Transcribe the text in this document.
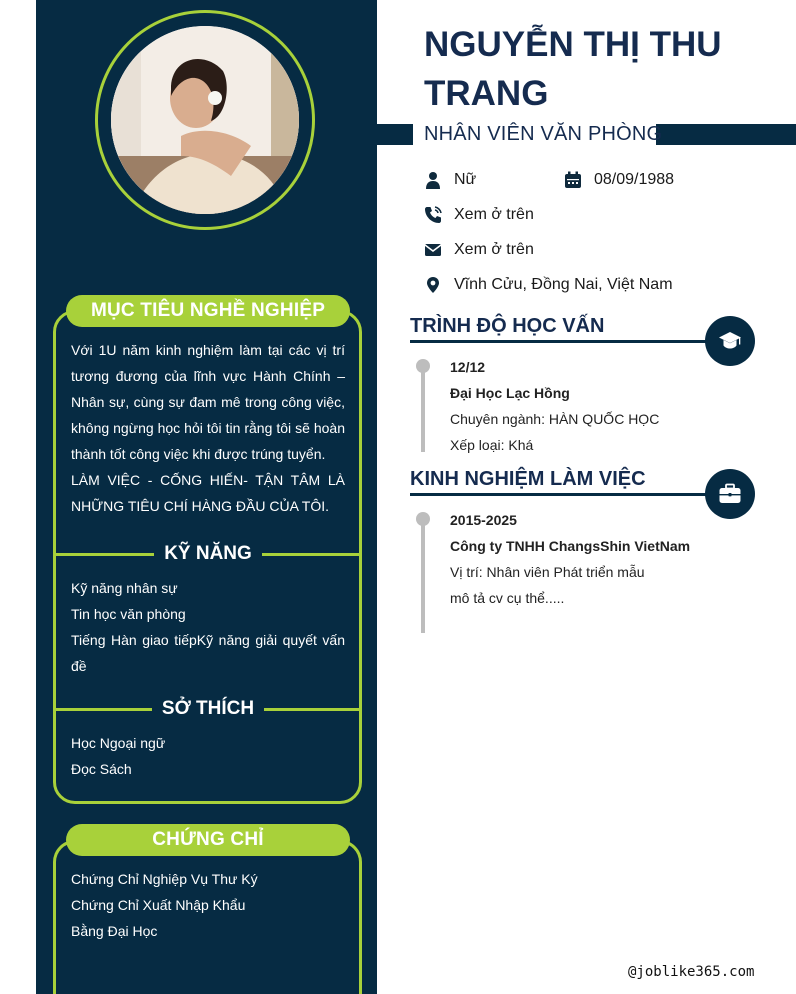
MỤC TIÊU NGHỀ NGHIỆP

Với 1U năm kinh nghiệm làm tại các vị trí tương đương của lĩnh vực Hành Chính – Nhân sự, cùng sự đam mê trong công việc, không ngừng học hỏi tôi tin rằng tôi sẽ hoàn thành tốt công việc khi được trúng tuyển.

LÀM VIỆC - CỐNG HIẾN- TẬN TÂM LÀ NHỮNG TIÊU CHÍ HÀNG ĐẦU CỦA TÔI.

KỸ NĂNG
Kỹ năng nhân sự
Tin học văn phòng
Tiếng Hàn giao tiếpKỹ năng giải quyết vấn đề
SỞ THÍCH
Học Ngoại ngữ
Đọc Sách
CHỨNG CHỈ
Chứng Chỉ Nghiệp Vụ Thư Ký
Chứng Chỉ Xuất Nhập Khẩu
Bằng Đại Học
NGUYỄN THỊ THU TRANG
NHÂN VIÊN VĂN PHÒNG
Nữ	08/09/1988
Xem ở trên
Xem ở trên
Vĩnh Cửu, Đồng Nai, Việt Nam
TRÌNH ĐỘ HỌC VẤN
12/12
Đại Học Lạc Hồng
Chuyên ngành: HÀN QUỐC HỌC
Xếp loại: Khá
KINH NGHIỆM LÀM VIỆC
2015-2025
Công ty TNHH ChangsShin VietNam
Vị trí: Nhân viên Phát triển mẫu
mô tả cv cụ thể.....
@joblike365.com
